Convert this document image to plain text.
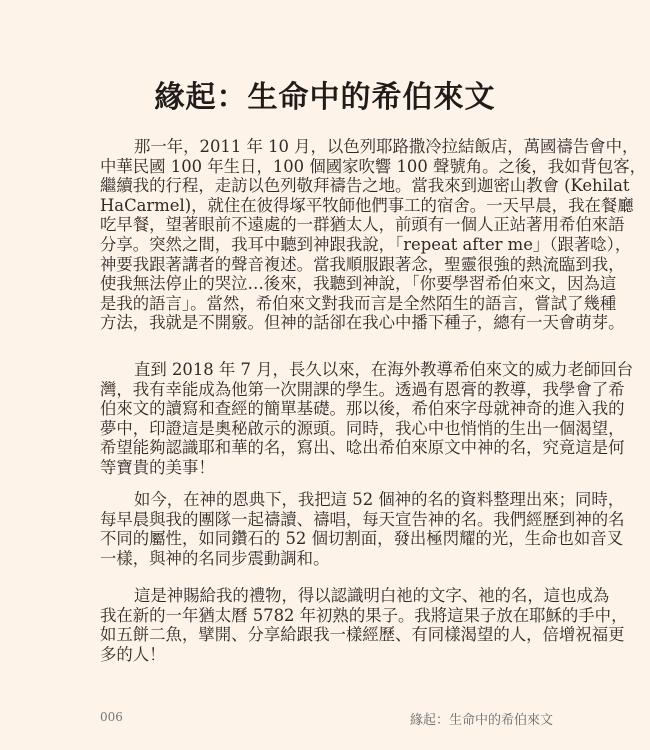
緣起：生命中的希伯來文
那一年，2011 年 10 月，以色列耶路撒冷拉結飯店，萬國禱告會中，
中華民國 100 年生日，100 個國家吹響 100 聲號角。之後，我如背包客，
繼續我的行程，走訪以色列敬拜禱告之地。當我來到迦密山教會 (Kehilat
HaCarmel)，就住在彼得塚平牧師他們事工的宿舍。一天早晨，我在餐廳
吃早餐，望著眼前不遠處的一群猶太人，前頭有一個人正站著用希伯來語
分享。突然之間，我耳中聽到神跟我說，「repeat after me」（跟著唸），
神要我跟著講者的聲音複述。當我順服跟著念，聖靈很強的熱流臨到我，
使我無法停止的哭泣…後來，我聽到神說，「你要學習希伯來文，因為這
是我的語言」。當然，希伯來文對我而言是全然陌生的語言，嘗試了幾種
方法，我就是不開竅。但神的話卻在我心中播下種子，總有一天會萌芽。
直到 2018 年 7 月，長久以來，在海外教導希伯來文的威力老師回台
灣，我有幸能成為他第一次開課的學生。透過有恩膏的教導，我學會了希
伯來文的讀寫和查經的簡單基礎。那以後，希伯來字母就神奇的進入我的
夢中，印證這是奧秘啟示的源頭。同時，我心中也悄悄的生出一個渴望，
希望能夠認識耶和華的名，寫出、唸出希伯來原文中神的名，究竟這是何
等寶貴的美事！
如今，在神的恩典下，我把這 52 個神的名的資料整理出來；同時，
每早晨與我的團隊一起禱讀、禱唱，每天宣告神的名。我們經歷到神的名
不同的屬性，如同鑽石的 52 個切割面，發出極閃耀的光，生命也如音叉
一樣，與神的名同步震動調和。
這是神賜給我的禮物，得以認識明白祂的文字、祂的名，這也成為
我在新的一年猶太曆 5782 年初熟的果子。我將這果子放在耶穌的手中，
如五餅二魚，擘開、分享給跟我一樣經歷、有同樣渴望的人，倍增祝福更
多的人！
006	緣起：生命中的希伯來文
